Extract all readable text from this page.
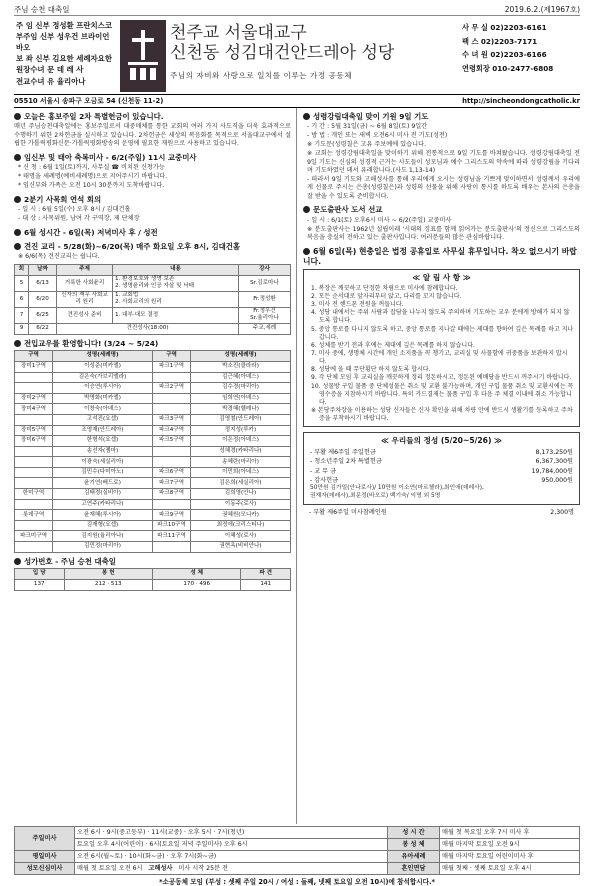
주님 승천 대축일	2019.6.2.(제1967호)
주 임 신부 정성환 프란치스코
부주임 신부 성우건 브라이언바오
보 좌 신부 김요한 세례자요한
원장수녀 문 데 레 사
전교수녀 유 율리아나
천주교 서울대교구
신천동 성김대건안드레아 성당
주님의 자비와 사랑으로 일치를 이루는 가정 공동체
사 무 실 02)2203-6161
팩 스 02)2203-7171
수 녀 원 02)2203-6166
연령회장 010-2477-6808
05510 서울시 송파구 오금로 54 (신천동 11-2)	http://sincheondongcatholic.kr
오늘은 홍보주일 2차 특별헌금이 있습니다.
매년 주님승천대축일에는 홍보주일로서 대중매체를 통한 교회의 여러 가지 사도직을 더욱 효과적으로 수행하기 위한 2차헌금을 실시하고 있습니다. 2차헌금은 세상의 복음화를 목적으로 서울대교구에서 설립한 가톨릭평화신문·가톨릭평화방송의 운영에 필요한 재원으로 사용하고 있습니다.
임신부 및 태아 축복미사 - 6/2(주일) 11시 교중미사
* 신 청 : 6월 1일(토)까지, 사무실 ☎ 비치된 신청가능
* 태명을 세례명(예비세례명)으로 지어주시기 바랍니다.
* 임신부와 가족은 오전 10시 30분까지 도착바랍니다.
2분기 사목회 연석 회의
- 일 시 : 6월 5일(수) 오후 8시 / 김대건홀
- 대 상 : 사목위원, 남여 각 구역장, 제 단체장
6월 성시간 - 6일(목) 저녁미사 후 / 성전
견진 교리 - 5/28(화)~6/20(목) 매주 화요일 오후 8시, 김대건홀
※ 6/6(목) 견진교리는 쉽니다.
회	날짜	주제	내용	강사
5	6/13	거룩한 사회윤리	1. 환경보호와 생명 보존
2. 생명윤리와 인공 자살 및 낙태	Sr.김로마나
6	6/20	신자의 책무 사회교리 원리	1. 교회법
2. 사회교리의 원리	Fr.정성환
7	6/25	견진성사 준비	1. 대부·대모 결정	Fr.정우건
Sr.율리아나
9	6/22	견진성사(18:00)		주교,세례
전입교우를 환영합니다! (3/24 ~ 5/24)
구역	성명(세례명)	구역	성명(세례명)
장미1구역	이성준(미카엘)	파크1구역	박소진(클라라)
	김은숙(가브리엘라)		김근혜(아녜스)
	이승연(루시아)	파크2구역	김수경(마리아)
장미2구역	박명화(미카엘)		임희연(아녜스)
장미4구역	이창숙(아녜스)		박경혜(헬레나)
	고석진(요셉)	파크3구역	김영철(안드레아)
장미5구역	조영재(안드레아)	파크4구역	정지성(루카)
장미6구역	한형석(요셉)	파크5구역	이은정(아녜스)
	송선자(젬마)		성혜경(카타리나)
	이광숙(세실리아)		송혜란(마리아)
	김민수(다미아노)	파크6구역	이민희(아네스)
	윤기연(베드로)	파크7구역	김은희(세실리아)
한미구역	김태경(실비아)	파크8구역	김희영(안나)
	고연주(카타리나)		이동주(로사)
롯데구역	윤재혜(루시아)	파크9구역	권혜원(모니카)
	김재형(요셉)	파크10구역	최정애(크리스티나)
파크미구역	김지원(율리아나)	파크11구역	이혜성(로사)
	김민정(마리아)		권현옥(비비안나)
성가번호 - 주님 승천 대축일
입 당	봉 헌	성 체	파 견
137	212 · 513	170 · 496	141
성령강림대축일 맞이 기원 9일 기도
- 기 간 : 5월 31일(금) ~ 6월 8일(토) 9일간
- 방 법 : 개인 또는 새벽 오전6시 미사 전 기도(성전)
※ 기도문(성령칠은 고유 주보예에 있습니다.
※ 교회는 성령강림대축일을 맞이하기 위해 전통적으로 9일 기도를 바쳐왔습니다. 성령강림대축일 전 9일 기도는 신심의 성경적 근거는 사도들이 성모님과 예수 그리스도의 약속에 따라 성령강림을 기다리며 기도하였던 데서 유래합니다.(사도 1,13-14)
- 따라서 9일 기도와 고해성사를 통해 우리에게 오시는 성령님을 기쁘게 맞이하면서 성령께서 우리에게 선물로 주시는 은총(성령칠은)과 성령의 선물을 위해 사랑이 통시를 하도록 배우는 본사의 은총을 잘 받을 수 있도록 준비합시다.
문도출판사 도서 선교
- 일 시 : 6/1(토) 오후6시 미사 ~ 6/2(주일) 교중미사
※ 분도출판사는 1962년 설립이래 '시대의 징표를 함께 읽어가는 분도출판사'의 정신으로 그리스도의 복음을 충실히 전하고 있는 출판사입니다. 여러분들의 많은 관심바랍니다.
6월 6일(목) 현충일은 법정 공휴일로 사무실 휴무입니다. 착오 없으시기 바랍니다.
≪ 알 림 사 항 ≫
1. 복장은 깨끗하고 단정한 차림으로 미사에 참례합니다.
2. 모든 순서대로 앞자리부터 앉고, 다리를 꼬지 않습니다.
3. 미사 전 핸드폰 전원을 꺼둡니다.
4. 성당 내에서는 주위 사람과 잡담을 나누지 않도록 주의하며 기도하는 교우 분에게 방해가 되지 않도록 합니다.
5. 중앙 통로를 다니지 않도록 하고, 중앙 통로를 지나갈 때에는 제대를 향하여 깊은 목례를 하고 지나갑니다.
6. 성체를 받기 전과 후에는 제대에 깊은 목례를 하지 않습니다.
7. 미사 중에, 생명체 시간에 개인 소지품을 꼭 챙기고, 교리실 및 사물함에 귀중품을 보관하지 맙시다.
8. 성당에 올 때 무단횡단 하지 않도록 합시다.
9. 각 단체 모임 후 교리실을 깨끗하게 정리 정돈하시고, 정돈된 예배당을 반드시 꺼주시기 바랍니다.
10. 성물방 구입 물품 중 단체성물은 취소 및 교환 불가능하며, 개인 구입 물품 취소 및 교환시에는 꼭 영수증을 지참하시기 바랍니다. 특히 카드결제는 물품 구입 후 다음 주 체결 이내에 취소 가능합니다.
※ 본당주차장을 이용하는 성당 신자들은 신자 확인을 위해 차량 안에 반드시 생활기를 등록하고 주차증을 부착하시기 바랍니다.
≪ 우리들의 정성 (5/20~5/26) ≫
- 부활 제6주일 주일헌금	8,173,250원
- 청소년주일 2차 특별헌금	6,367,300원
- 교 무 금	19,784,000원
- 감사헌금	950,000원
50만원 김가밀(안나로사)/ 10만원 이소연(마르첼라),최인애(데레사),
권재자(데레사),최문정(바오로) 백기숙/ 익명 외 5명
- 부활 제6주일 미사참례인원	2,300명
주일미사	오전 6시 · 9시(중고등부) · 11시(교중) · 오후 5시 · 7시(청년)	성 시 간	매월 첫 목요일 오후 7시 미사 후
	토요일 오후 4시(어린이) · 6시(토요일 저녁 주일미사) 오후 6시	봉 성 체	매월 마지막 토요일 오전 9시
평일미사	오전 6시(월~토) · 10시(화~금) · 오후 7시(화~금)	유아세례	매월 마지막 토요일 어린이미사 후
성모신심미사	매월 첫 토요일 오전 6시 고해성사 미사 시작 25분 전	혼인면담	매월 첫째 · 셋째 토요일 오후 4시
*소공동체 모임 (부성 : 셋째 주일 20시 / 여성 : 둘째, 넷째 토요일 오전 10시)에 참석합시다.*
